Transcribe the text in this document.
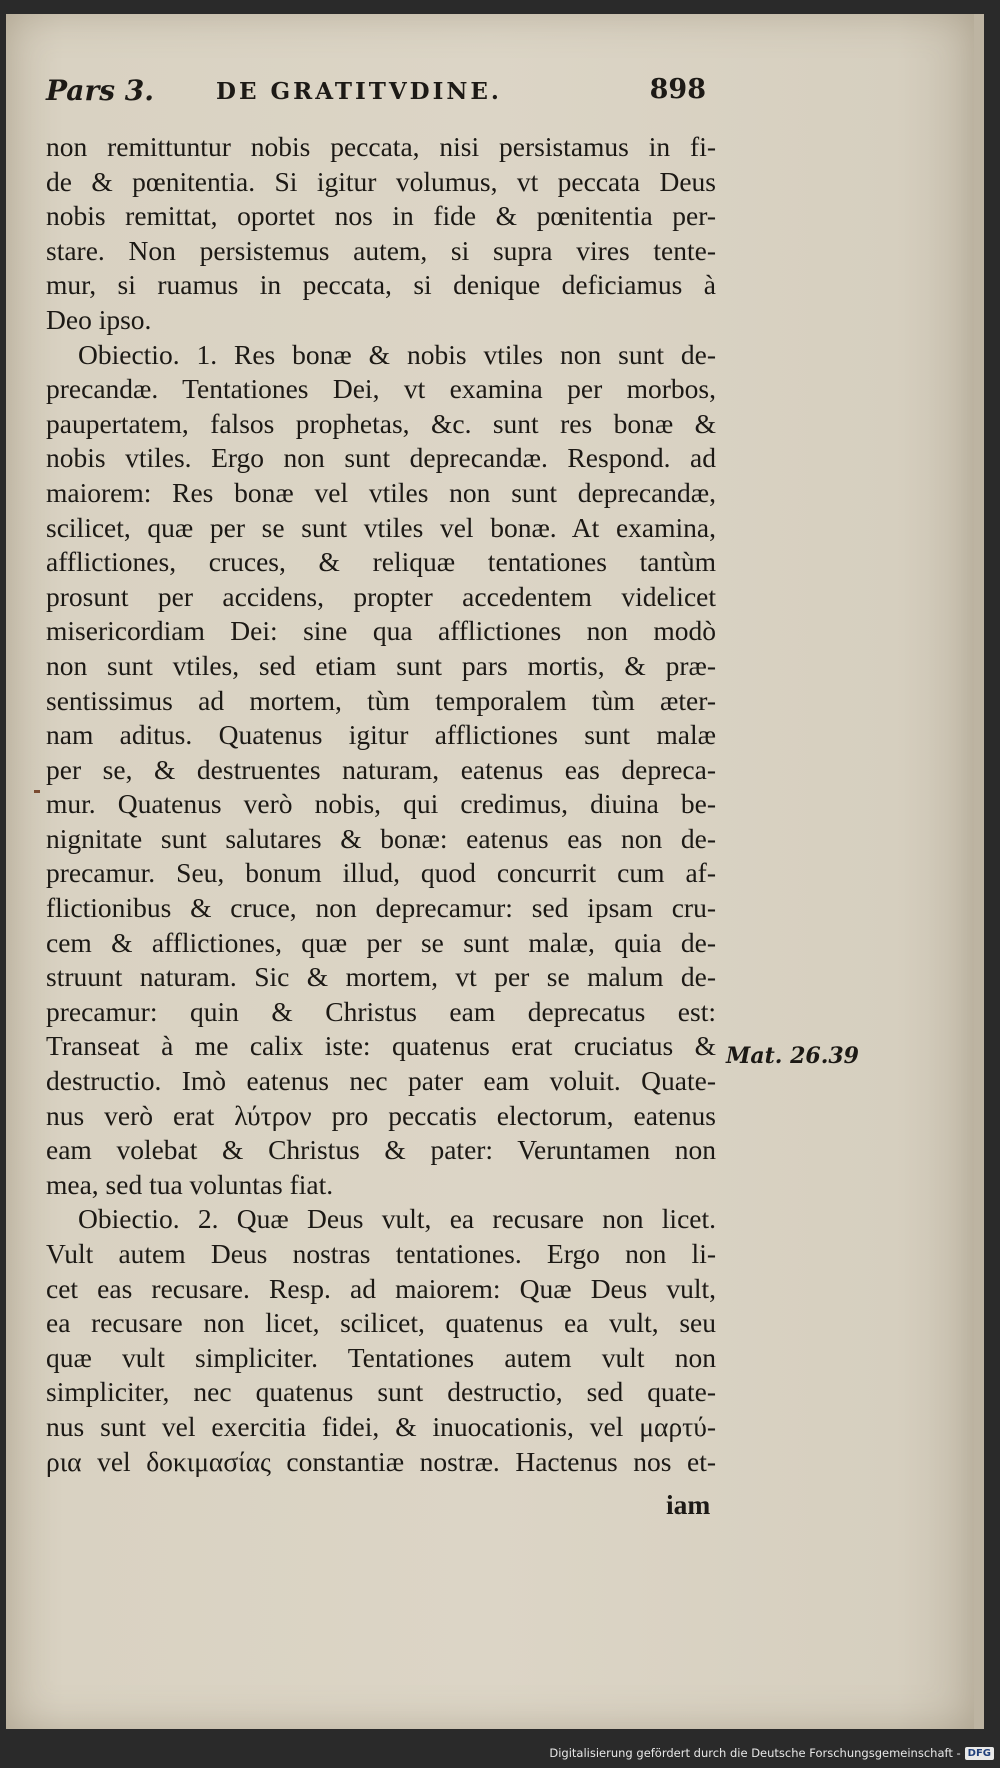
Pars 3.	DE GRATITVDINE.	898
non remittuntur nobis peccata, nisi persistamus in fi-
de & pœnitentia. Si igitur volumus, vt peccata Deus
nobis remittat, oportet nos in fide & pœnitentia per-
stare. Non persistemus autem, si supra vires tente-
mur, si ruamus in peccata, si denique deficiamus à
Deo ipso.
Obiectio. 1. Res bonæ & nobis vtiles non sunt de-
precandæ. Tentationes Dei, vt examina per morbos,
paupertatem, falsos prophetas, &c. sunt res bonæ &
nobis vtiles. Ergo non sunt deprecandæ. Respond. ad
maiorem: Res bonæ vel vtiles non sunt deprecandæ,
scilicet, quæ per se sunt vtiles vel bonæ. At examina,
afflictiones, cruces, & reliquæ tentationes tantùm
prosunt per accidens, propter accedentem videlicet
misericordiam Dei: sine qua afflictiones non modò
non sunt vtiles, sed etiam sunt pars mortis, & præ-
sentissimus ad mortem, tùm temporalem tùm æter-
nam aditus. Quatenus igitur afflictiones sunt malæ
per se, & destruentes naturam, eatenus eas depreca-
mur. Quatenus verò nobis, qui credimus, diuina be-
nignitate sunt salutares & bonæ: eatenus eas non de-
precamur. Seu, bonum illud, quod concurrit cum af-
flictionibus & cruce, non deprecamur: sed ipsam cru-
cem & afflictiones, quæ per se sunt malæ, quia de-
struunt naturam. Sic & mortem, vt per se malum de-
precamur: quin & Christus eam deprecatus est:
Transeat à me calix iste: quatenus erat cruciatus &
destructio. Imò eatenus nec pater eam voluit. Quate-
nus verò erat λύτρον pro peccatis electorum, eatenus
eam volebat & Christus & pater: Veruntamen non
mea, sed tua voluntas fiat.
Obiectio. 2. Quæ Deus vult, ea recusare non licet.
Vult autem Deus nostras tentationes. Ergo non li-
cet eas recusare. Resp. ad maiorem: Quæ Deus vult,
ea recusare non licet, scilicet, quatenus ea vult, seu
quæ vult simpliciter. Tentationes autem vult non
simpliciter, nec quatenus sunt destructio, sed quate-
nus sunt vel exercitia fidei, & inuocationis, vel μαρτύ-
ρια vel δοκιμασίας constantiæ nostræ. Hactenus nos et-
iam
Mat. 26.39
Digitalisierung gefördert durch die Deutsche Forschungsgemeinschaft - DFG
